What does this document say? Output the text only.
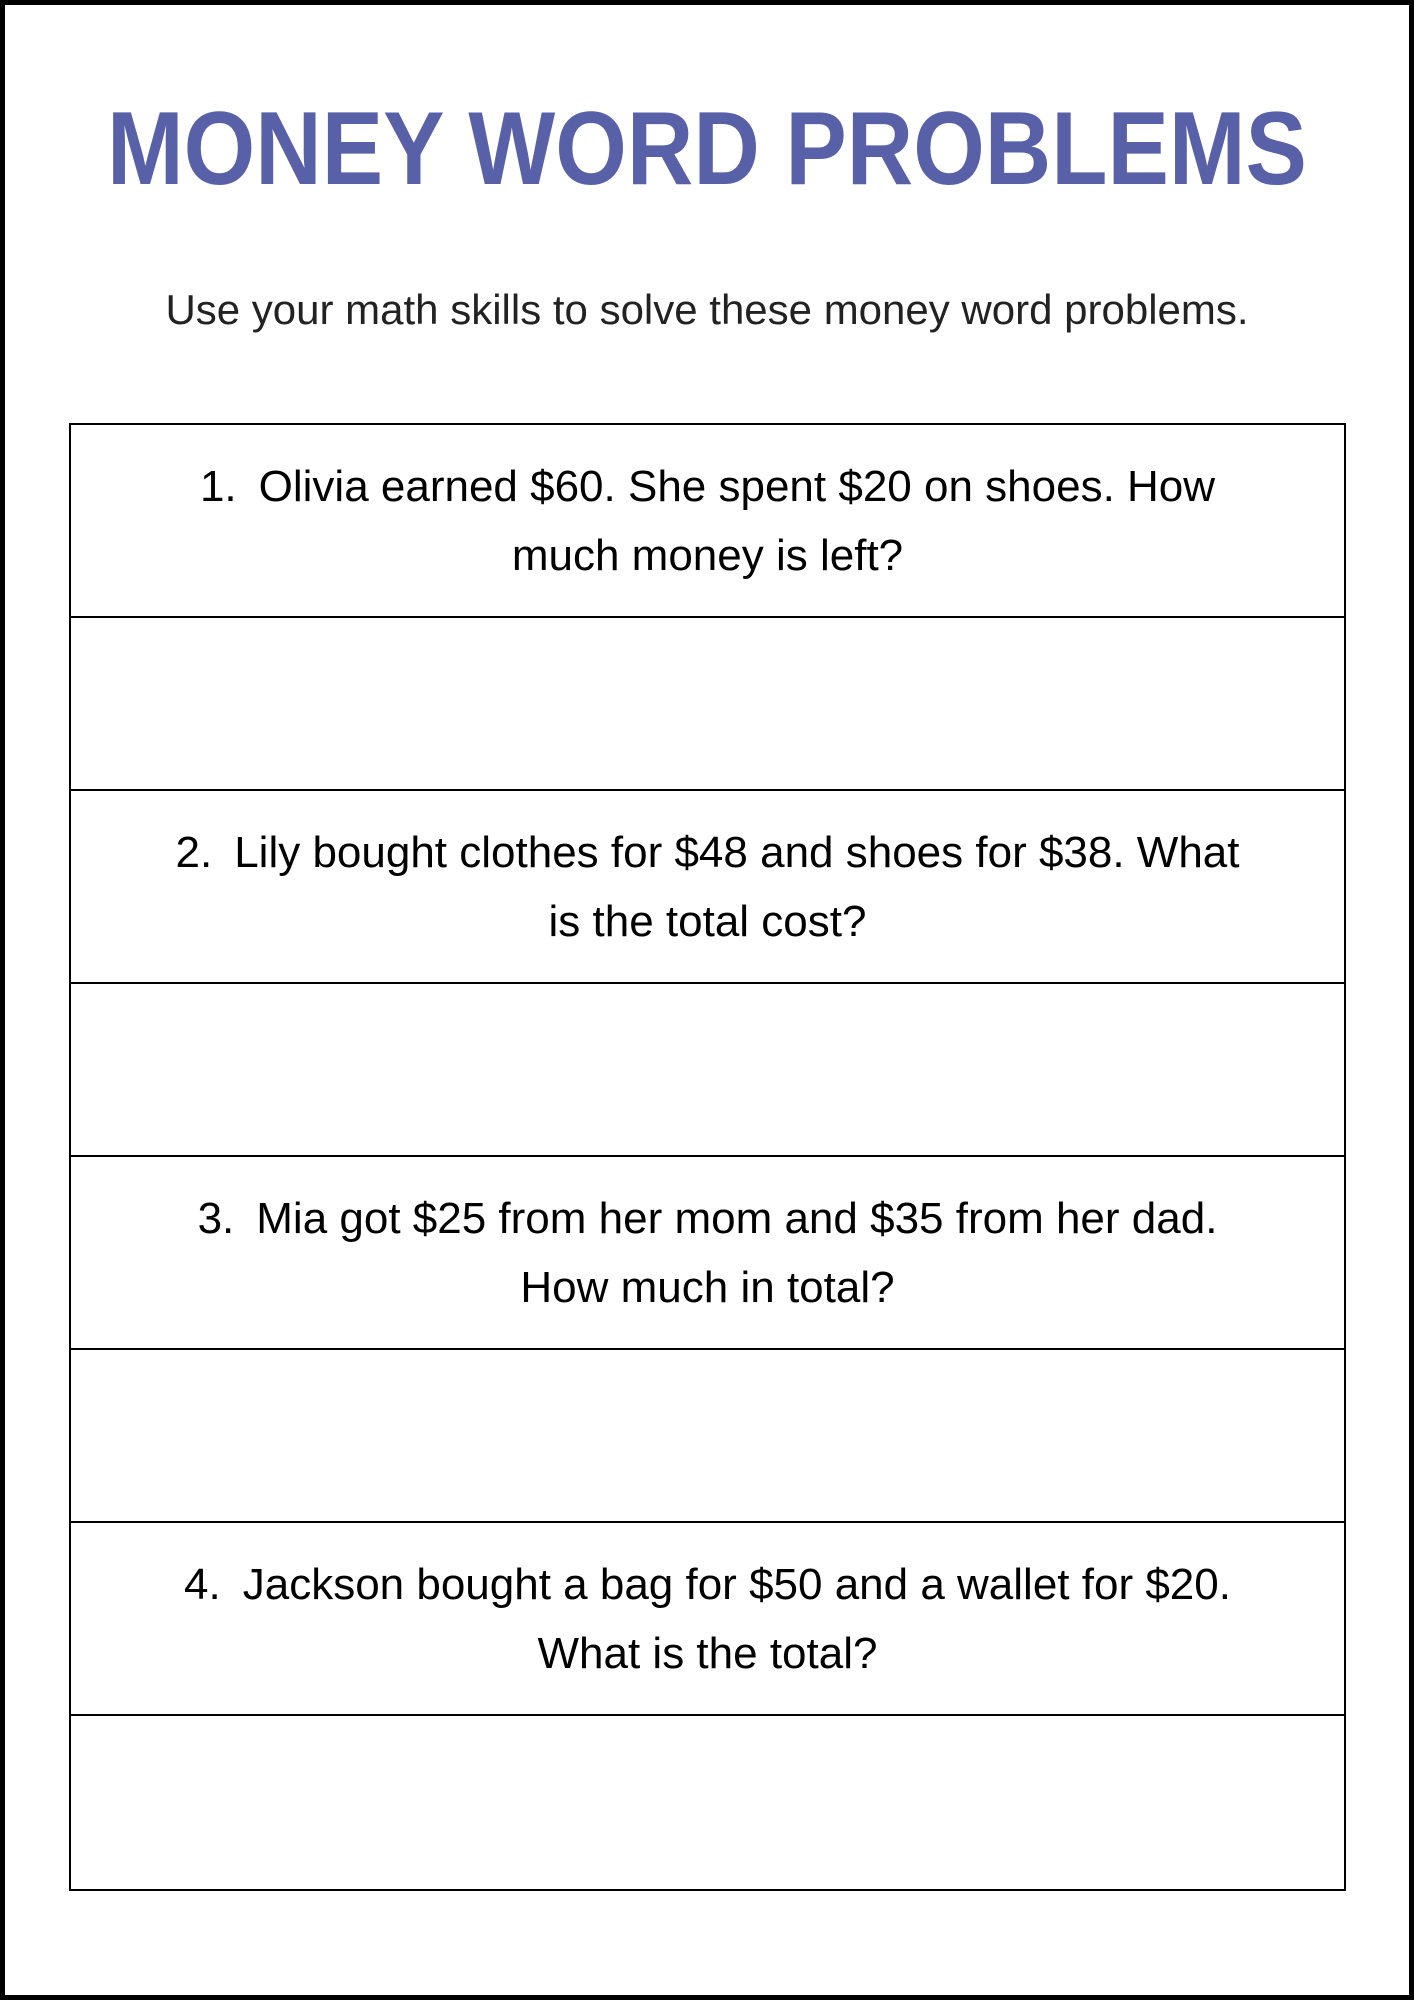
MONEY WORD PROBLEMS
Use your math skills to solve these money word problems.
1. Olivia earned $60. She spent $20 on shoes. How
much money is left?
2. Lily bought clothes for $48 and shoes for $38. What
is the total cost?
3. Mia got $25 from her mom and $35 from her dad.
How much in total?
4. Jackson bought a bag for $50 and a wallet for $20.
What is the total?
